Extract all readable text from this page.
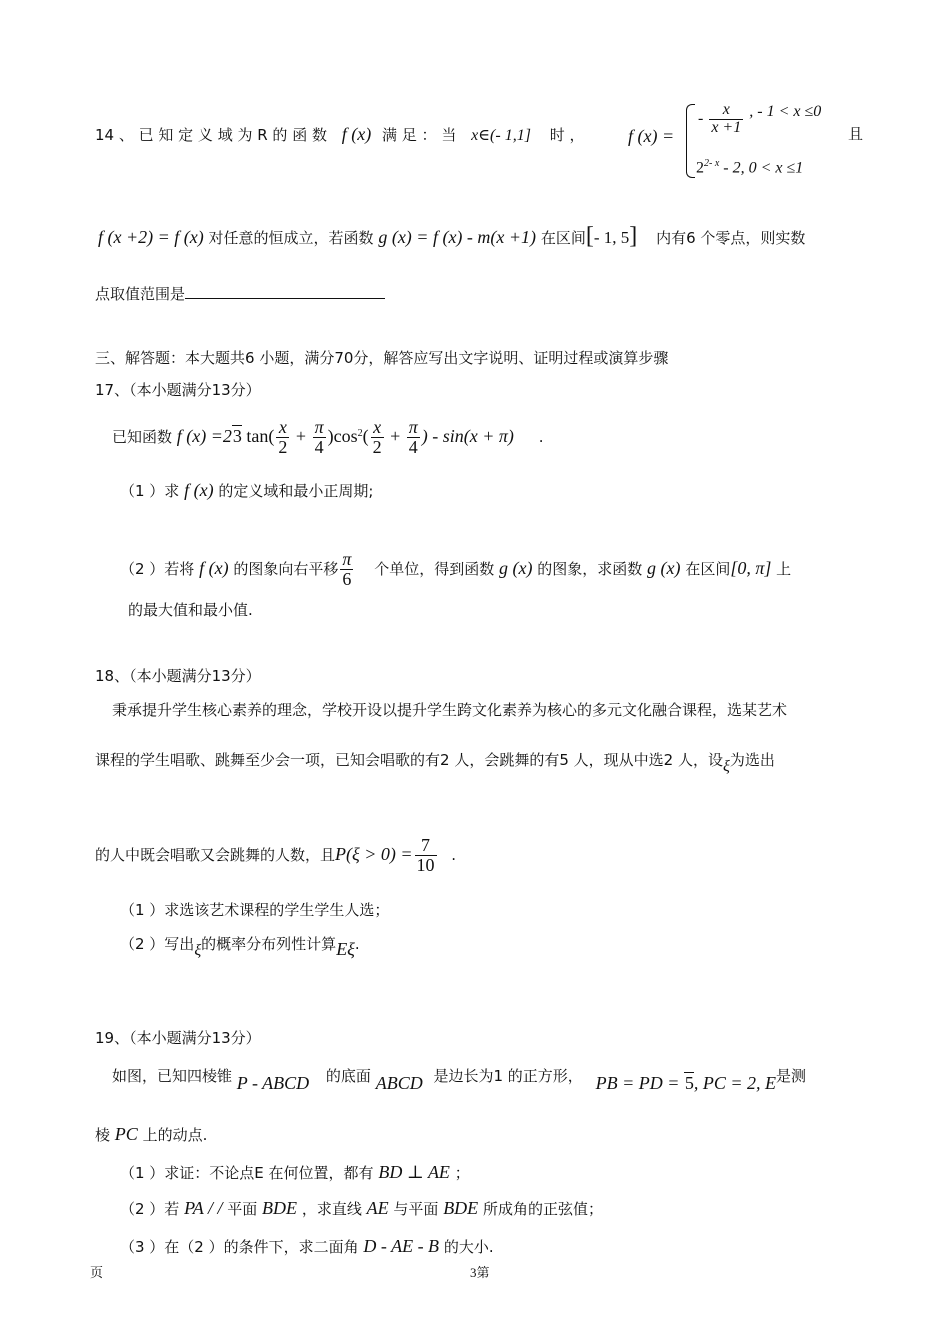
14 、 已 知 定 义 域 为 R 的 函 数 f (x) 满 足 ： 当 x∈(- 1,1] 时 ， f (x) =
- $\frac{x}{x +1}$ , - 1 < x ≤0
2$^{2- x}$ - 2, 0 < x ≤1
且
f (x +2) = f (x) 对任意的恒成立，若函数 g (x) = f (x) - m(x +1) 在区间[- 1, 5] 内有6 个零点，则实数
点取值范围是
三、解答题：本大题共6 小题，满分70分，解答应写出文字说明、证明过程或演算步骤
17、（本小题满分13分）
已知函数 f (x) =23 $\tan( \frac{x}{2} + \frac{\pi}{4} )\cos^2( \frac{x}{2} + \frac{\pi}{4}$ ) - sin(x + π) .
（1 ）求 f (x) 的定义域和最小正周期;
（2 ）若将 f (x) 的图象向右平移 $\frac{\pi}{6}$ 个单位，得到函数 g (x) 的图象，求函数 g (x) 在区间[0, π] 上
的最大值和最小值.
18、（本小题满分13分）
秉承提升学生核心素养的理念，学校开设以提升学生跨文化素养为核心的多元文化融合课程，选某艺术
课程的学生唱歌、跳舞至少会一项，已知会唱歌的有2 人，会跳舞的有5 人，现从中选2 人，设ξ为选出
的人中既会唱歌又会跳舞的人数，且$P(\xi > 0) = \frac{7}{10}$ .
（1 ）求选该艺术课程的学生学生人选；
（2 ）写出ξ的概率分布列性计算Eξ.
19、（本小题满分13分）
如图，已知四棱锥 P - ABCD 的底面 ABCD 是边长为1 的正方形， PB = PD = 5, PC = 2, E是测
棱 PC 上的动点.
（1 ）求证：不论点E 在何位置，都有 BD ⊥ AE ；
（2 ）若 PA / / 平面 BDE ，求直线 AE 与平面 BDE 所成角的正弦值；
（3 ）在（2 ）的条件下，求二面角 D - AE - B 的大小.
页	3第
